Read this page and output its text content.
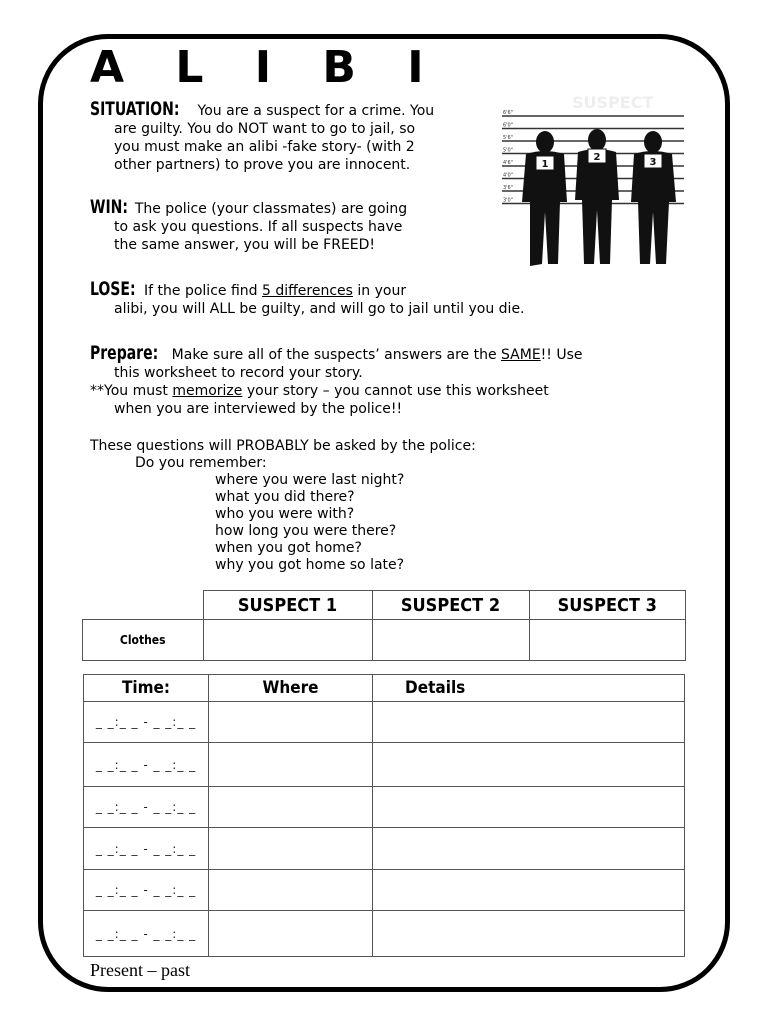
A L I B I

SITUATION: You are a suspect for a crime. You

are guilty. You do NOT want to go to jail, so

you must make an alibi -fake story- (with 2

other partners) to prove you are innocent.

WIN: The police (your classmates) are going

to ask you questions. If all suspects have

the same answer, you will be FREED!

LOSE: If the police find 5 differences in your

alibi, you will ALL be guilty, and will go to jail until you die.

Prepare: Make sure all of the suspects’ answers are the SAME!! Use

this worksheet to record your story.

**You must memorize your story – you cannot use this worksheet

when you are interviewed by the police!!

SUSPECT
6'6"
6'0"
5'6"
5'0"
4'6"
4'0"
3'6"
3'0"
1
2	3

These questions will PROBABLY be asked by the police:

Do you remember:

where you were last night?
what you did there?
who you were with?
how long you were there?
when you got home?
why you got home so late?
	SUSPECT 1	SUSPECT 2	SUSPECT 3
Clothes			
Time:	Where	Details
_ _:_ _ - _ _:_ _		
_ _:_ _ - _ _:_ _		
_ _:_ _ - _ _:_ _		
_ _:_ _ - _ _:_ _		
_ _:_ _ - _ _:_ _		
_ _:_ _ - _ _:_ _		
Present – past
